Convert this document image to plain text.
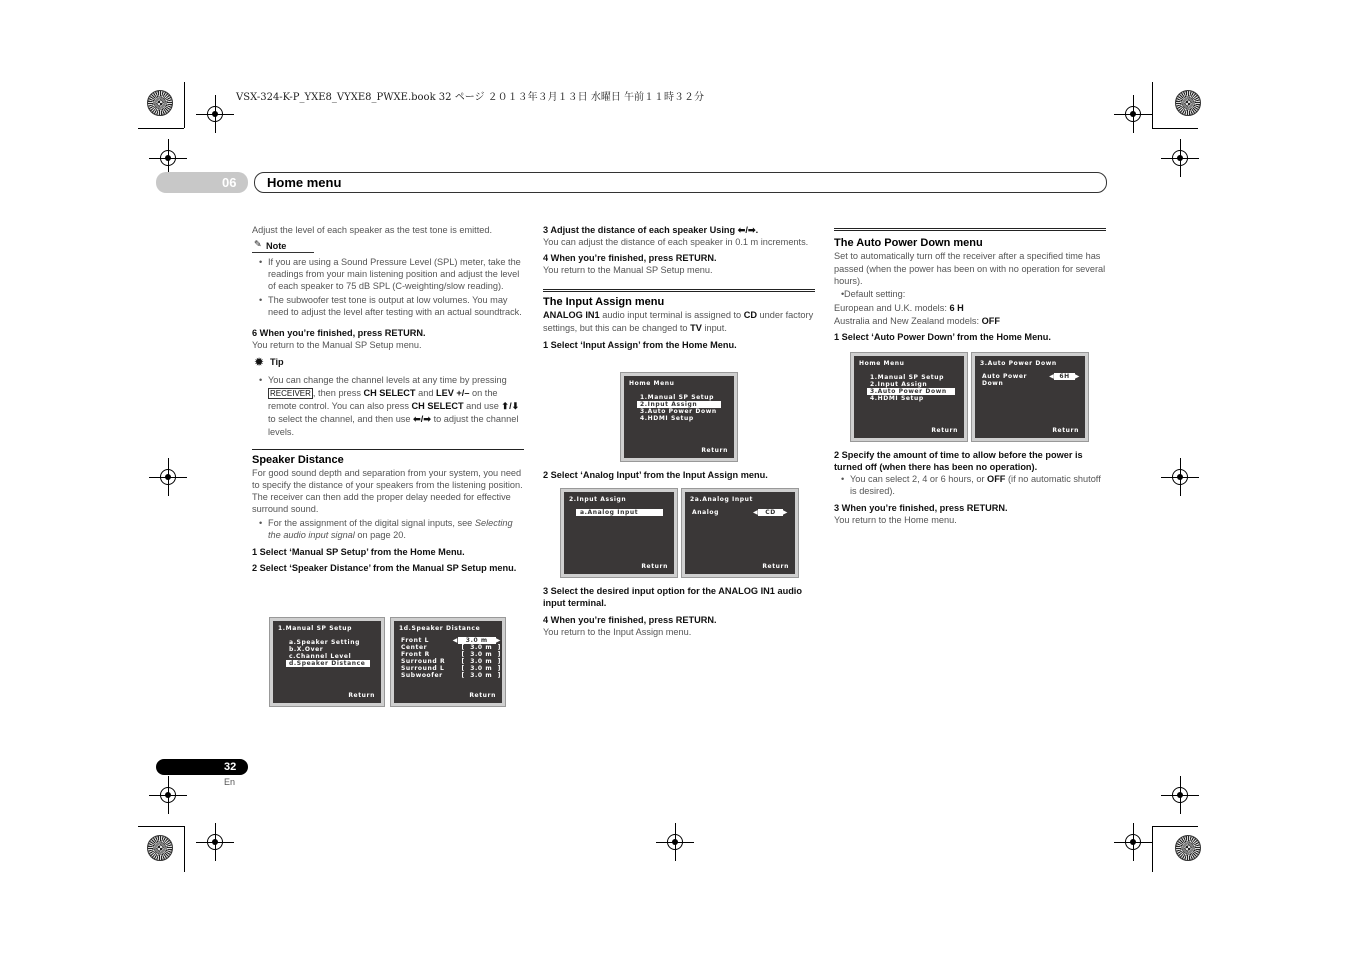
VSX-324-K-P_YXE8_VYXE8_PWXE.book 32 ページ ２０１３年３月１３日 水曜日 午前１１時３２分
06 Home menu

Adjust the level of each speaker as the test tone is emitted.

✎ Note

• If you are using a Sound Pressure Level (SPL) meter, take the readings from your main listening position and adjust the level of each speaker to 75 dB SPL (C-weighting/slow reading).

• The subwoofer test tone is output at low volumes. You may need to adjust the level after testing with an actual soundtrack.

6 When you’re finished, press RETURN.

You return to the Manual SP Setup menu.

✹ Tip

• You can change the channel levels at any time by pressing RECEIVER , then press CH SELECT and LEV +/– on the remote control. You can also press CH SELECT and use ⬆/⬇ to select the channel, and then use ⬅/➡ to adjust the channel levels.

Speaker Distance

For good sound depth and separation from your system, you need to specify the distance of your speakers from the listening position. The receiver can then add the proper delay needed for effective surround sound.

• For the assignment of the digital signal inputs, see Selecting the audio input signal on page 20.

1 Select ‘Manual SP Setup’ from the Home Menu.

2 Select ‘Speaker Distance’ from the Manual SP Setup menu.

1.Manual SP Setup
a.Speaker Setting
b.X.Over
c.Channel Level
d.Speaker Distance
Return
1d.Speaker Distance
Front L	◀ 3.0 m ▶
Center	[  3.0 m  ]
Front R	[  3.0 m  ]
Surround R	[  3.0 m  ]
Surround L	[  3.0 m  ]
Subwoofer	[  3.0 m  ]
Return

3 Adjust the distance of each speaker Using ⬅/➡.

You can adjust the distance of each speaker in 0.1 m increments.

4 When you’re finished, press RETURN.

You return to the Manual SP Setup menu.

The Input Assign menu

ANALOG IN1 audio input terminal is assigned to CD under factory settings, but this can be changed to TV input.

1 Select ‘Input Assign’ from the Home Menu.

Home Menu
1.Manual SP Setup
2.Input Assign
3.Auto Power Down
4.HDMI Setup
Return
2 Select ‘Analog Input’ from the Input Assign menu.
2.Input Assign
a.Analog Input
Return
2a.Analog Input
Analog	◀ CD ▶
Return

3 Select the desired input option for the ANALOG IN1 audio input terminal.

4 When you’re finished, press RETURN.

You return to the Input Assign menu.

The Auto Power Down menu

Set to automatically turn off the receiver after a specified time has passed (when the power has been on with no operation for several hours).

• Default setting:

European and U.K. models: 6 H

Australia and New Zealand models: OFF

1 Select ‘Auto Power Down’ from the Home Menu.

Home Menu
1.Manual SP Setup
2.Input Assign
3.Auto Power Down
4.HDMI Setup
Return
3.Auto Power Down
Auto Power Down
◀ 6H ▶
Return

2 Specify the amount of time to allow before the power is turned off (when there has been no operation).

• You can select 2, 4 or 6 hours, or OFF (if no automatic shutoff is desired).

3 When you’re finished, press RETURN.

You return to the Home menu.

32
En
